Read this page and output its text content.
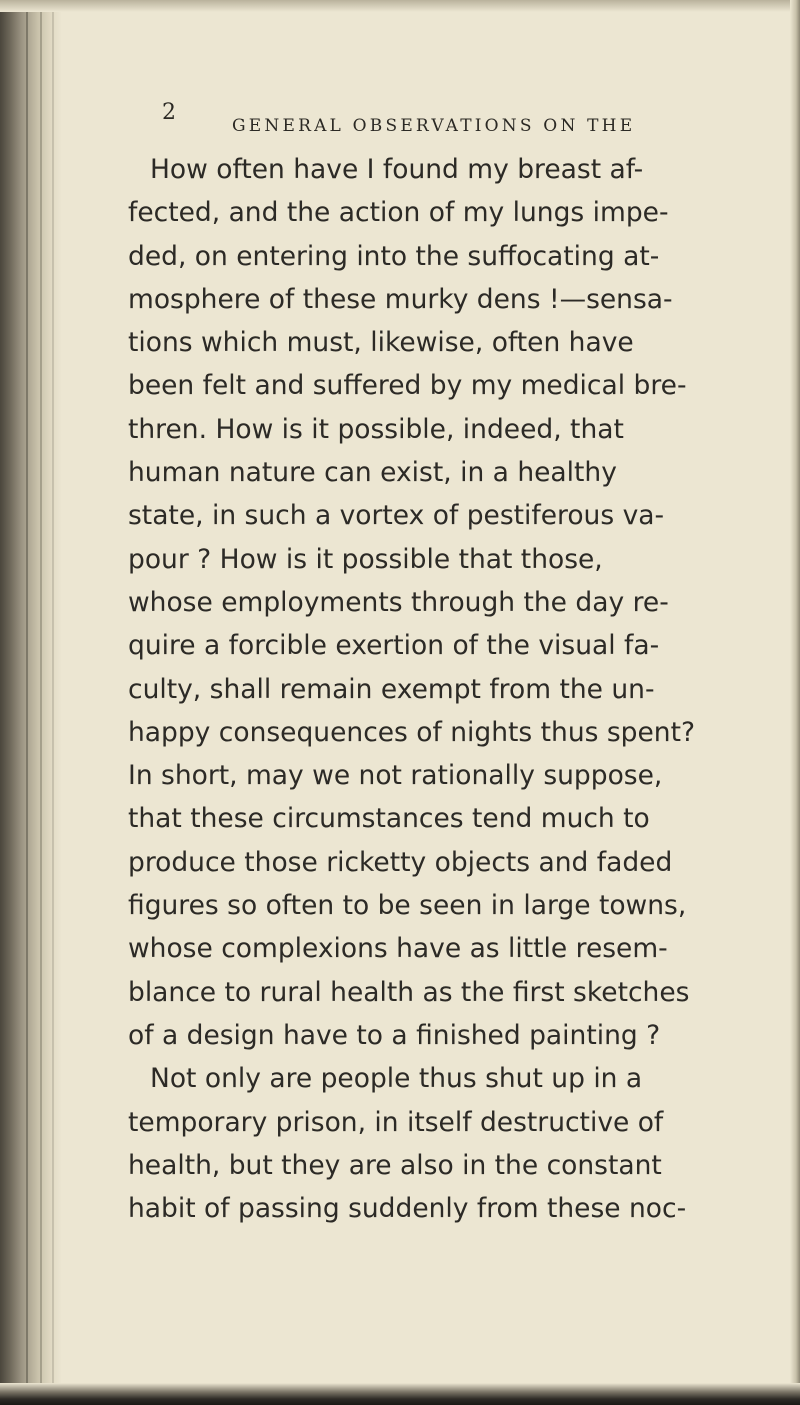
2
GENERAL OBSERVATIONS ON THE
How often have I found my breast af-
fected, and the action of my lungs impe-
ded, on entering into the suffocating at-
mosphere of these murky dens !—sensa-
tions which must, likewise, often have
been felt and suffered by my medical bre-
thren. How is it possible, indeed, that
human nature can exist, in a healthy
state, in such a vortex of pestiferous va-
pour ? How is it possible that those,
whose employments through the day re-
quire a forcible exertion of the visual fa-
culty, shall remain exempt from the un-
happy consequences of nights thus spent?
In short, may we not rationally suppose,
that these circumstances tend much to
produce those ricketty objects and faded
figures so often to be seen in large towns,
whose complexions have as little resem-
blance to rural health as the first sketches
of a design have to a finished painting ?
Not only are people thus shut up in a
temporary prison, in itself destructive of
health, but they are also in the constant
habit of passing suddenly from these noc-
